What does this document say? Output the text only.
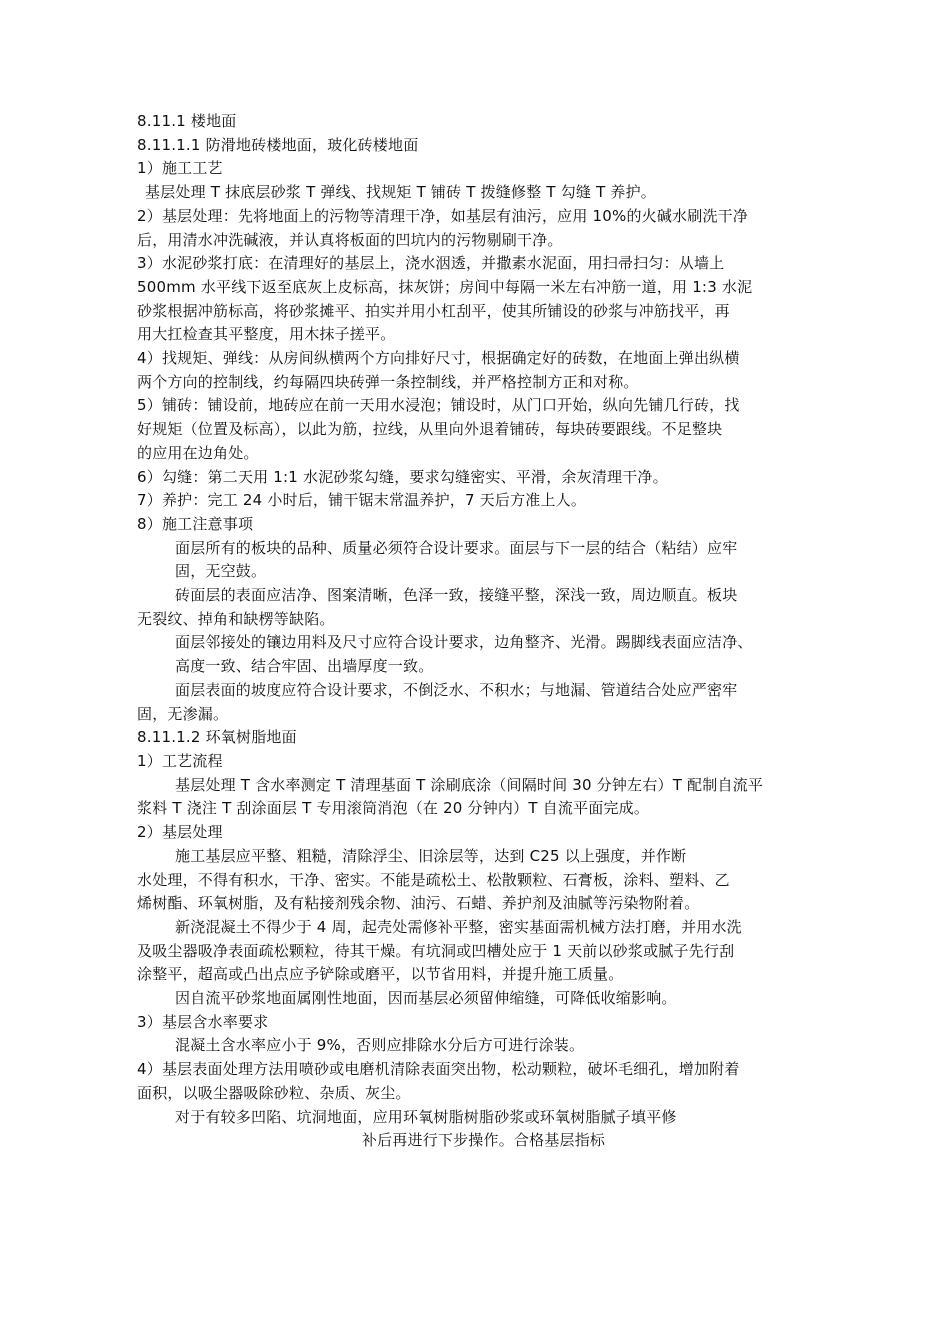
8.11.1 楼地面
8.11.1.1 防滑地砖楼地面，玻化砖楼地面
1）施工工艺
基层处理 T 抹底层砂浆 T 弹线、找规矩 T 铺砖 T 拨缝修整 T 勾缝 T 养护。
2）基层处理：先将地面上的污物等清理干净，如基层有油污，应用 10%的火碱水刷洗干净
后，用清水冲洗碱液，并认真将板面的凹坑内的污物剔刷干净。
3）水泥砂浆打底：在清理好的基层上，浇水洇透，并撒素水泥面，用扫帚扫匀：从墙上
500mm 水平线下返至底灰上皮标高，抹灰饼；房间中每隔一米左右冲筋一道，用 1:3 水泥
砂浆根据冲筋标高，将砂浆摊平、拍实并用小杠刮平，使其所铺设的砂浆与冲筋找平，再
用大扛检查其平整度，用木抹子搓平。
4）找规矩、弹线：从房间纵横两个方向排好尺寸，根据确定好的砖数，在地面上弹出纵横
两个方向的控制线，约每隔四块砖弹一条控制线，并严格控制方正和对称。
5）铺砖：铺设前，地砖应在前一天用水浸泡；铺设时，从门口开始，纵向先铺几行砖，找
好规矩（位置及标高），以此为筋，拉线，从里向外退着铺砖，每块砖要跟线。不足整块
的应用在边角处。
6）勾缝：第二天用 1:1 水泥砂浆勾缝，要求勾缝密实、平滑，余灰清理干净。
7）养护：完工 24 小时后，铺干锯末常温养护，7 天后方准上人。
8）施工注意事项
面层所有的板块的品种、质量必须符合设计要求。面层与下一层的结合（粘结）应牢
固，无空鼓。
砖面层的表面应洁净、图案清晰，色泽一致，接缝平整，深浅一致，周边顺直。板块
无裂纹、掉角和缺楞等缺陷。
面层邻接处的镶边用料及尺寸应符合设计要求，边角整齐、光滑。踢脚线表面应洁净、
高度一致、结合牢固、出墙厚度一致。
面层表面的坡度应符合设计要求，不倒泛水、不积水；与地漏、管道结合处应严密牢
固，无渗漏。
8.11.1.2 环氧树脂地面
1）工艺流程
基层处理 T 含水率测定 T 清理基面 T 涂刷底涂（间隔时间 30 分钟左右）T 配制自流平
浆料 T 浇注 T 刮涂面层 T 专用滚筒消泡（在 20 分钟内）T 自流平面完成。
2）基层处理
施工基层应平整、粗糙，清除浮尘、旧涂层等，达到 C25 以上强度，并作断
水处理，不得有积水，干净、密实。不能是疏松土、松散颗粒、石膏板，涂料、塑料、乙
烯树酯、环氧树脂，及有粘接剂残余物、油污、石蜡、养护剂及油腻等污染物附着。
新浇混凝土不得少于 4 周，起壳处需修补平整，密实基面需机械方法打磨，并用水洗
及吸尘器吸净表面疏松颗粒，待其干燥。有坑洞或凹槽处应于 1 天前以砂浆或腻子先行刮
涂整平，超高或凸出点应予铲除或磨平，以节省用料，并提升施工质量。
因自流平砂浆地面属刚性地面，因而基层必须留伸缩缝，可降低收缩影响。
3）基层含水率要求
混凝土含水率应小于 9%，否则应排除水分后方可进行涂装。
4）基层表面处理方法用喷砂或电磨机清除表面突出物，松动颗粒，破坏毛细孔，增加附着
面积，以吸尘器吸除砂粒、杂质、灰尘。
对于有较多凹陷、坑洞地面，应用环氧树脂树脂砂浆或环氧树脂腻子填平修
补后再进行下步操作。合格基层指标
